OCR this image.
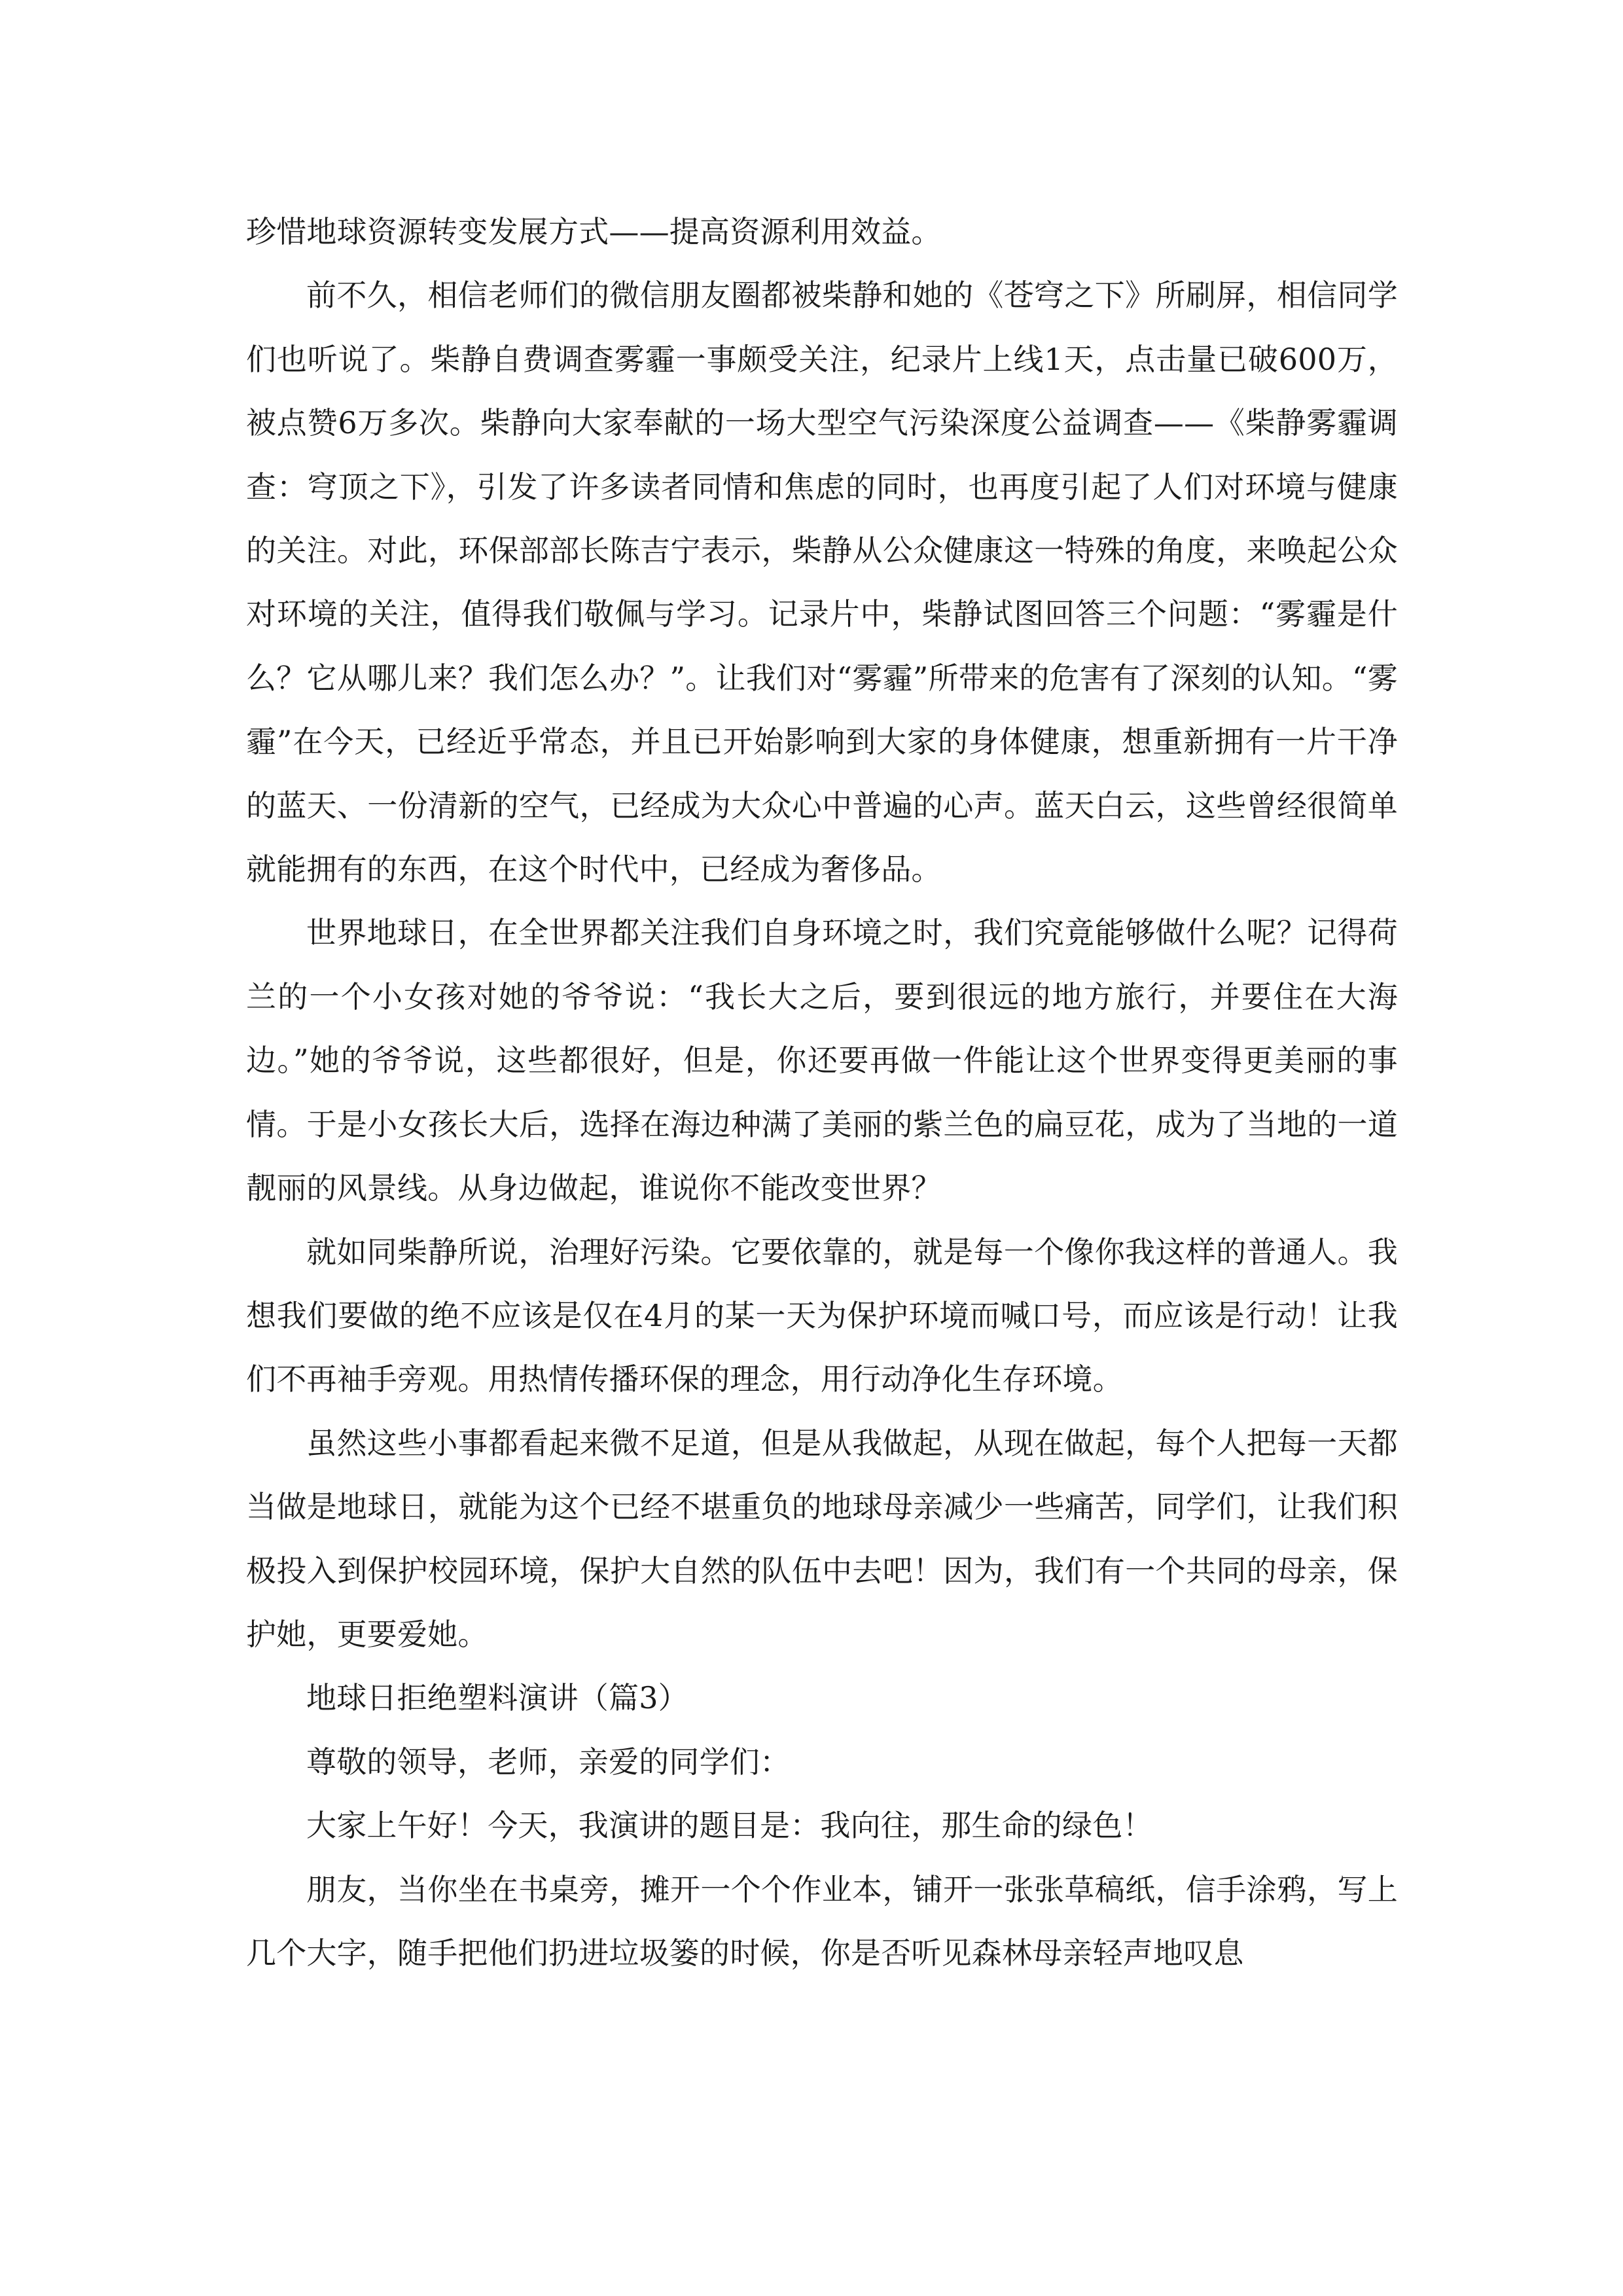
珍惜地球资源转变发展方式——提高资源利用效益。

前不久，相信老师们的微信朋友圈都被柴静和她的《苍穹之下》所刷屏，相信同学们也听说了。柴静自费调查雾霾一事颇受关注，纪录片上线1天，点击量已破600万，被点赞6万多次。柴静向大家奉献的一场大型空气污染深度公益调查——《柴静雾霾调查：穹顶之下》，引发了许多读者同情和焦虑的同时，也再度引起了人们对环境与健康的关注。对此，环保部部长陈吉宁表示，柴静从公众健康这一特殊的角度，来唤起公众对环境的关注，值得我们敬佩与学习。记录片中，柴静试图回答三个问题：“雾霾是什么？它从哪儿来？我们怎么办？”。让我们对“雾霾”所带来的危害有了深刻的认知。“雾霾”在今天，已经近乎常态，并且已开始影响到大家的身体健康，想重新拥有一片干净的蓝天、一份清新的空气，已经成为大众心中普遍的心声。蓝天白云，这些曾经很简单就能拥有的东西，在这个时代中，已经成为奢侈品。

世界地球日，在全世界都关注我们自身环境之时，我们究竟能够做什么呢？记得荷兰的一个小女孩对她的爷爷说：“我长大之后，要到很远的地方旅行，并要住在大海边。”她的爷爷说，这些都很好，但是，你还要再做一件能让这个世界变得更美丽的事情。于是小女孩长大后，选择在海边种满了美丽的紫兰色的扁豆花，成为了当地的一道靓丽的风景线。从身边做起，谁说你不能改变世界？

就如同柴静所说，治理好污染。它要依靠的，就是每一个像你我这样的普通人。我想我们要做的绝不应该是仅在4月的某一天为保护环境而喊口号，而应该是行动！让我们不再袖手旁观。用热情传播环保的理念，用行动净化生存环境。

虽然这些小事都看起来微不足道，但是从我做起，从现在做起，每个人把每一天都当做是地球日，就能为这个已经不堪重负的地球母亲减少一些痛苦，同学们，让我们积极投入到保护校园环境，保护大自然的队伍中去吧！因为，我们有一个共同的母亲，保护她，更要爱她。

地球日拒绝塑料演讲（篇3）

尊敬的领导，老师，亲爱的同学们：

大家上午好！今天，我演讲的题目是：我向往，那生命的绿色！

朋友，当你坐在书桌旁，摊开一个个作业本，铺开一张张草稿纸，信手涂鸦，写上几个大字，随手把他们扔进垃圾篓的时候，你是否听见森林母亲轻声地叹息
